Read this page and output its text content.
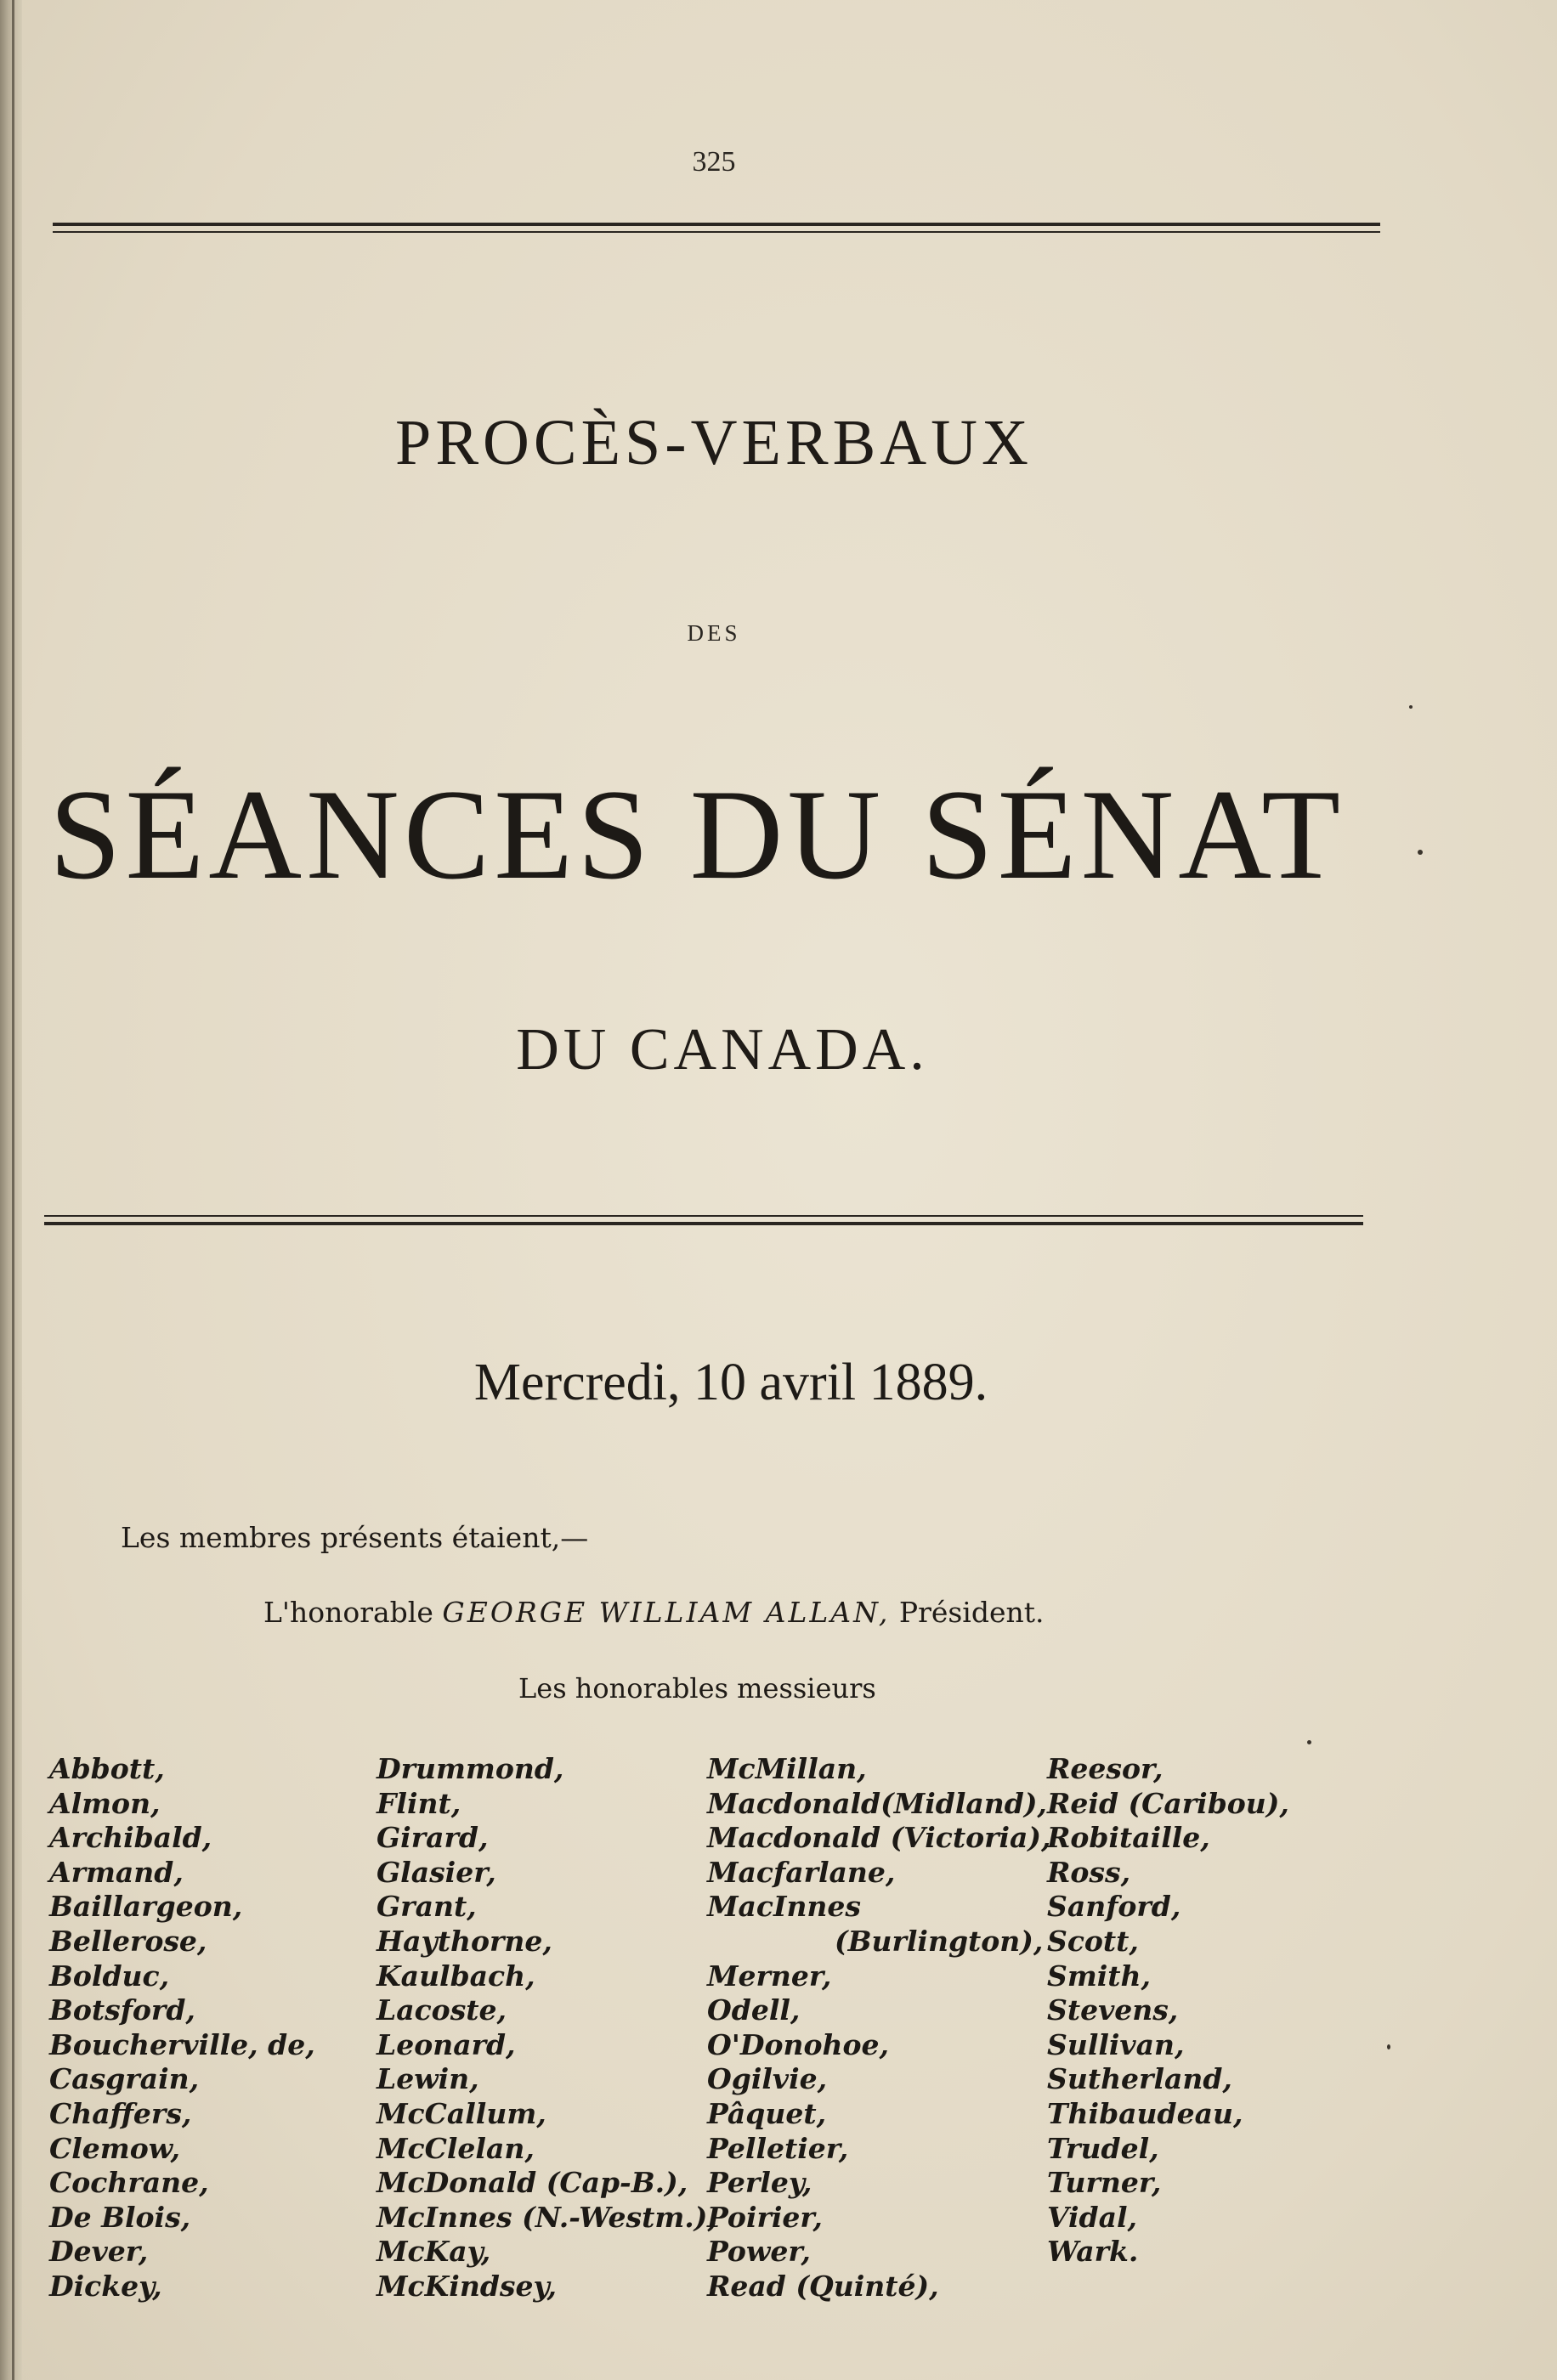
325
PROCÈS-VERBAUX
DES
SÉANCES DU SÉNAT
DU CANADA.
Mercredi, 10 avril 1889.
Les membres présents étaient,—
L'honorable GEORGE WILLIAM ALLAN, Président.
Les honorables messieurs
Abbott,
Almon,
Archibald,
Armand,
Baillargeon,
Bellerose,
Bolduc,
Botsford,
Boucherville, de,
Casgrain,
Chaffers,
Clemow,
Cochrane,
De Blois,
Dever,
Dickey,
Drummond,
Flint,
Girard,
Glasier,
Grant,
Haythorne,
Kaulbach,
Lacoste,
Leonard,
Lewin,
McCallum,
McClelan,
McDonald (Cap-B.),
McInnes (N.-Westm.),
McKay,
McKindsey,
McMillan,
Macdonald(Midland),
Macdonald (Victoria),
Macfarlane,
MacInnes
(Burlington),
Merner,
Odell,
O'Donohoe,
Ogilvie,
Pâquet,
Pelletier,
Perley,
Poirier,
Power,
Read (Quinté),
Reesor,
Reid (Caribou),
Robitaille,
Ross,
Sanford,
Scott,
Smith,
Stevens,
Sullivan,
Sutherland,
Thibaudeau,
Trudel,
Turner,
Vidal,
Wark.
